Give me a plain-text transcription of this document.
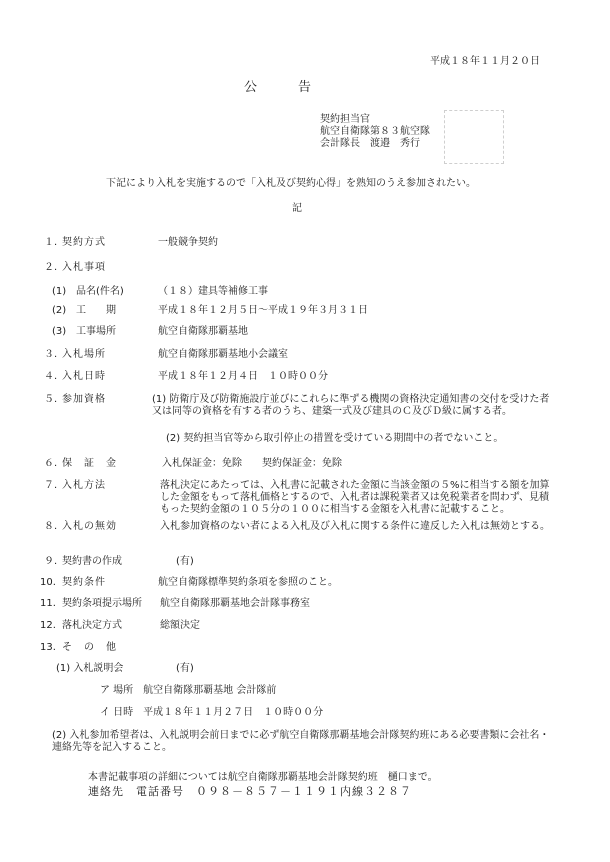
平成１８年１１月２０日
公	告
契約担当官
航空自衛隊第８３航空隊
会計隊長　渡邉　秀行
下記により入札を実施するので「入札及び契約心得」を熟知のうえ参加されたい。
記
１. 契約方式	一般競争契約
２. 入札事項
(1) 品名(件名)	（１８）建具等補修工事
(2) 工　　期	平成１８年１２月５日～平成１９年３月３１日
(3) 工事場所	航空自衛隊那覇基地
３. 入札場所	航空自衛隊那覇基地小会議室
４. 入札日時	平成１８年１２月４日　１０時００分
５. 参加資格	(1) 防衛庁及び防衛施設庁並びにこれらに準ずる機関の資格決定通知書の交付を受けた者又は同等の資格を有する者のうち、建築一式及び建具のＣ及びＤ級に属する者。
(2) 契約担当官等から取引停止の措置を受けている期間中の者でないこと。
６. 保　証　金	入札保証金：免除　　契約保証金：免除
７. 入札方法	落札決定にあたっては、入札書に記載された金額に当該金額の５%に相当する額を加算した金額をもって落札価格とするので、入札者は課税業者又は免税業者を問わず、見積もった契約金額の１０５分の１００に相当する金額を入札書に記載すること。
８. 入札の無効	入札参加資格のない者による入札及び入札に関する条件に違反した入札は無効とする。
９. 契約書の作成	(有)
10. 契約条件	航空自衛隊標準契約条項を参照のこと。
11. 契約条項提示場所 航空自衛隊那覇基地会計隊事務室
12. 落札決定方式	総額決定
13. そ　の　他
(1) 入札説明会	(有)
ア 場所　航空自衛隊那覇基地 会計隊前
イ 日時　平成１８年１１月２７日　１０時００分
(2) 入札参加希望者は、入札説明会前日までに必ず航空自衛隊那覇基地会計隊契約班にある必要書類に会社名・連絡先等を記入すること。
本書記載事項の詳細については航空自衛隊那覇基地会計隊契約班　樋口まで。
連絡先　電話番号　０９８－８５７－１１９１内線３２８７
